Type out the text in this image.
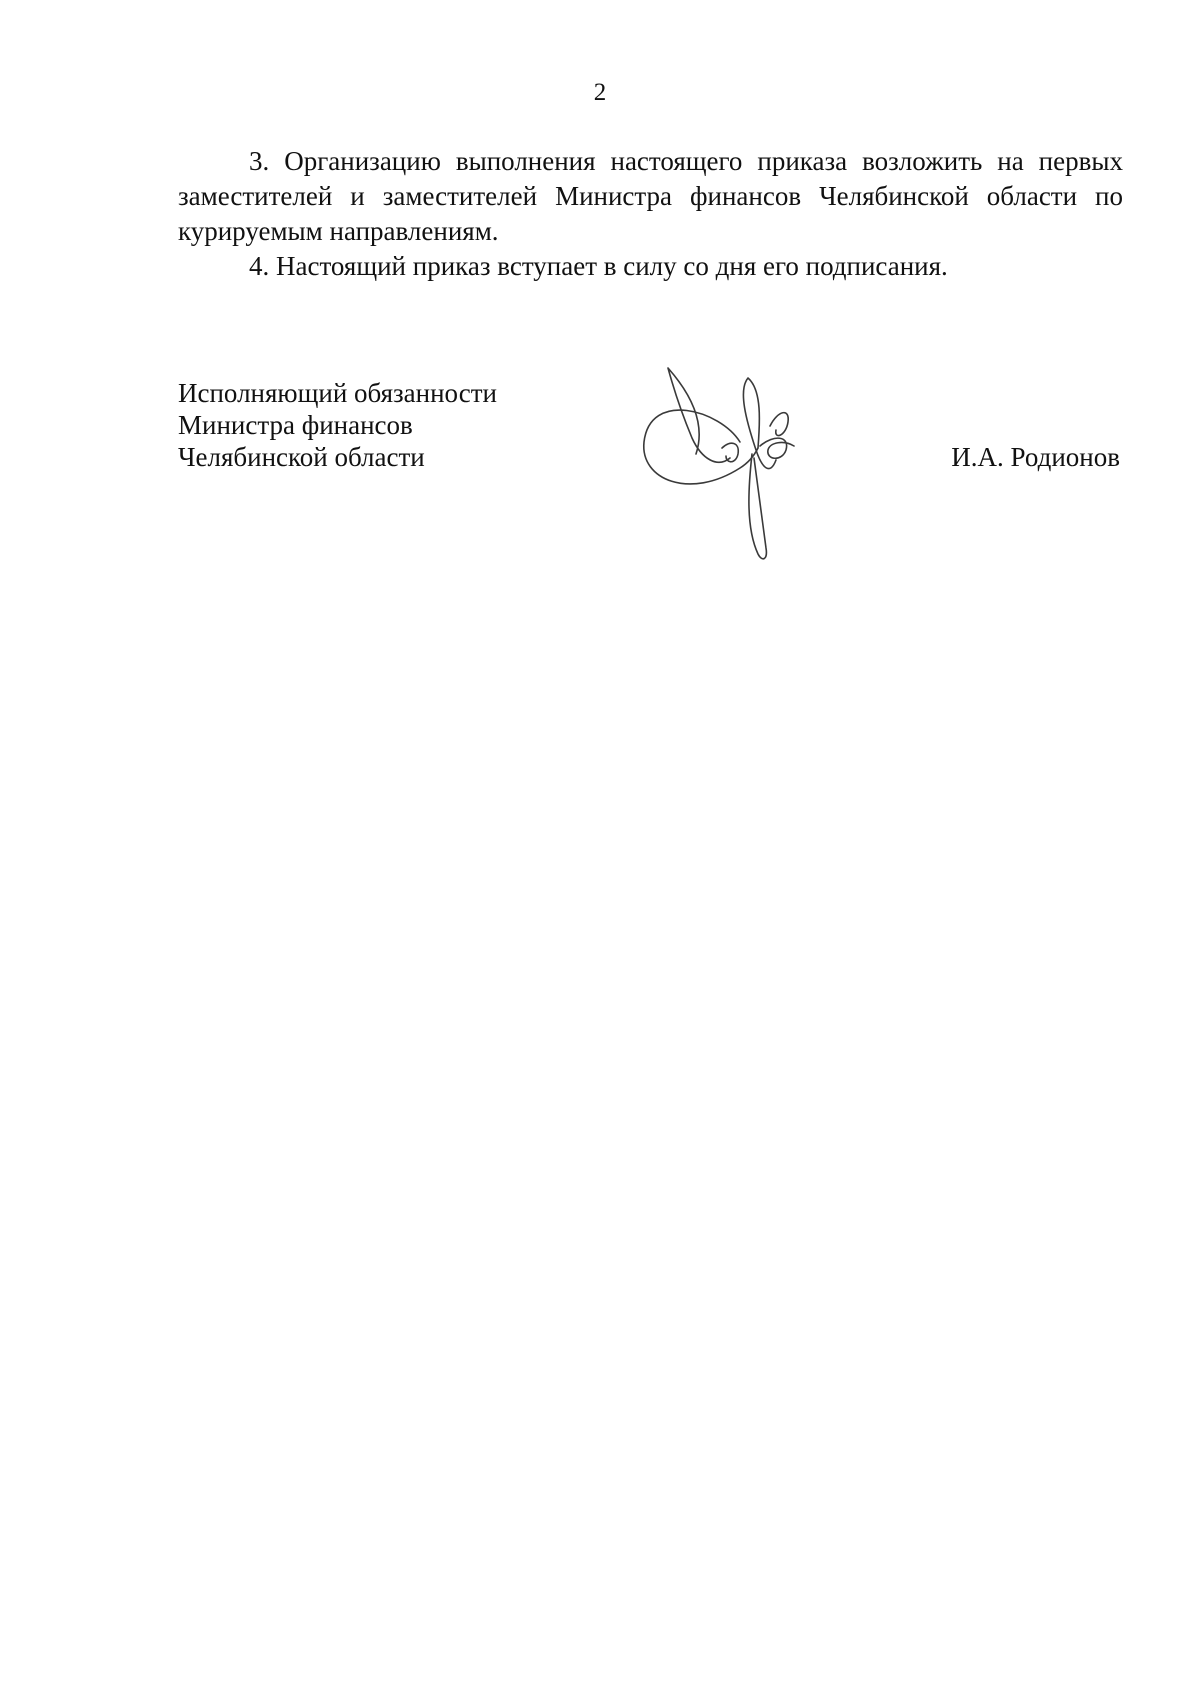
2

3. Организацию выполнения настоящего приказа возложить на первых заместителей и заместителей Министра финансов Челябинской области по курируемым направлениям.

4. Настоящий приказ вступает в силу со дня его подписания.

Исполняющий обязанности
Министра финансов
Челябинской области	И.А. Родионов
